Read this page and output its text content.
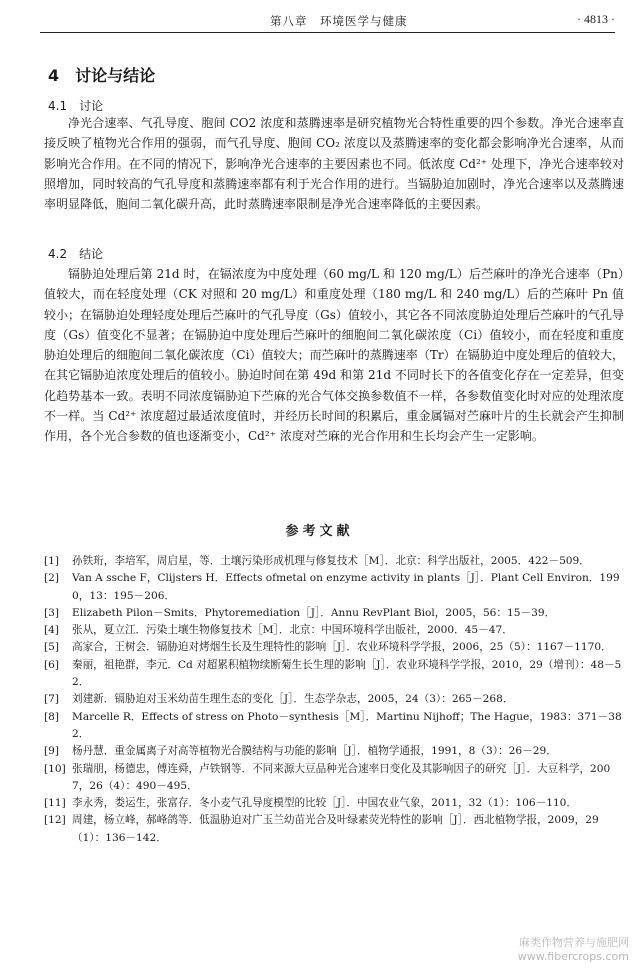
第八章　环境医学与健康	· 4813 ·
4　讨论与结论
4.1　讨论
净光合速率、气孔导度、胞间 CO2 浓度和蒸腾速率是研究植物光合特性重要的四个参数。净光合速率直接反映了植物光合作用的强弱，而气孔导度、胞间 CO₂ 浓度以及蒸腾速率的变化都会影响净光合速率，从而影响光合作用。在不同的情况下，影响净光合速率的主要因素也不同。低浓度 Cd²⁺ 处理下，净光合速率较对照增加，同时较高的气孔导度和蒸腾速率都有利于光合作用的进行。当镉胁迫加剧时，净光合速率以及蒸腾速率明显降低，胞间二氧化碳升高，此时蒸腾速率限制是净光合速率降低的主要因素。
4.2　结论
镉胁迫处理后第 21d 时，在镉浓度为中度处理（60 mg/L 和 120 mg/L）后苎麻叶的净光合速率（Pn）值较大，而在轻度处理（CK 对照和 20 mg/L）和重度处理（180 mg/L 和 240 mg/L）后的苎麻叶 Pn 值较小；在镉胁迫处理轻度处理后苎麻叶的气孔导度（Gs）值较小，其它各不同浓度胁迫处理后苎麻叶的气孔导度（Gs）值变化不显著；在镉胁迫中度处理后苎麻叶的细胞间二氧化碳浓度（Ci）值较小，而在轻度和重度胁迫处理后的细胞间二氧化碳浓度（Ci）值较大；而苎麻叶的蒸腾速率（Tr）在镉胁迫中度处理后的值较大，在其它镉胁迫浓度处理后的值较小。胁迫时间在第 49d 和第 21d 不同时长下的各值变化存在一定差异，但变化趋势基本一致。表明不同浓度镉胁迫下苎麻的光合气体交换参数值不一样，各参数值变化时对应的处理浓度不一样。当 Cd²⁺ 浓度超过最适浓度值时，并经历长时间的积累后，重金属镉对苎麻叶片的生长就会产生抑制作用，各个光合参数的值也逐渐变小，Cd²⁺ 浓度对苎麻的光合作用和生长均会产生一定影响。
参考文献
[1]	孙铁珩，李培军，周启星，等．土壤污染形成机理与修复技术［M］．北京：科学出版社，2005．422－509．
[2]	Van A ssche F，Clijsters H．Effects ofmetal on enzyme activity in plants［J］．Plant Cell Environ．1990，13：195－206．
[3]	Elizabeth Pilon－Smits．Phytoremediation［J］．Annu RevPlant Biol，2005，56：15－39．
[4]	张从，夏立江．污染土壤生物修复技术［M］．北京：中国环境科学出版社，2000．45－47．
[5]	高家合，王树会．镉胁迫对烤烟生长及生理特性的影响［J］．农业环境科学学报，2006，25（5）：1167－1170．
[6]	秦丽，祖艳群，李元．Cd 对超累积植物续断菊生长生理的影响［J］．农业环境科学学报，2010，29（增刊）：48－52．
[7]	刘建新．镉胁迫对玉米幼苗生理生态的变化［J］．生态学杂志，2005，24（3）：265－268．
[8]	Marcelle R．Effects of stress on Photo－synthesis［M］．Martinu Nijhoff；The Hague，1983：371－382．
[9]	杨丹慧．重金属离子对高等植物光合膜结构与功能的影响［J］．植物学通报，1991，8（3）：26－29．
[10] 张瑞朋，杨德忠，傅连舜，卢铁钢等．不同来源大豆品种光合速率日变化及其影响因子的研究［J］．大豆科学，2007，26（4）：490－495．
[11] 李永秀，娄运生，张富存．冬小麦气孔导度模型的比较［J］．中国农业气象，2011，32（1）：106－110．
[12] 周建，杨立峰，郝峰鸽等．低温胁迫对广玉兰幼苗光合及叶绿素荧光特性的影响［J］．西北植物学报，2009，29（1）：136－142．
麻类作物营养与施肥网
www.fibercrops.com
